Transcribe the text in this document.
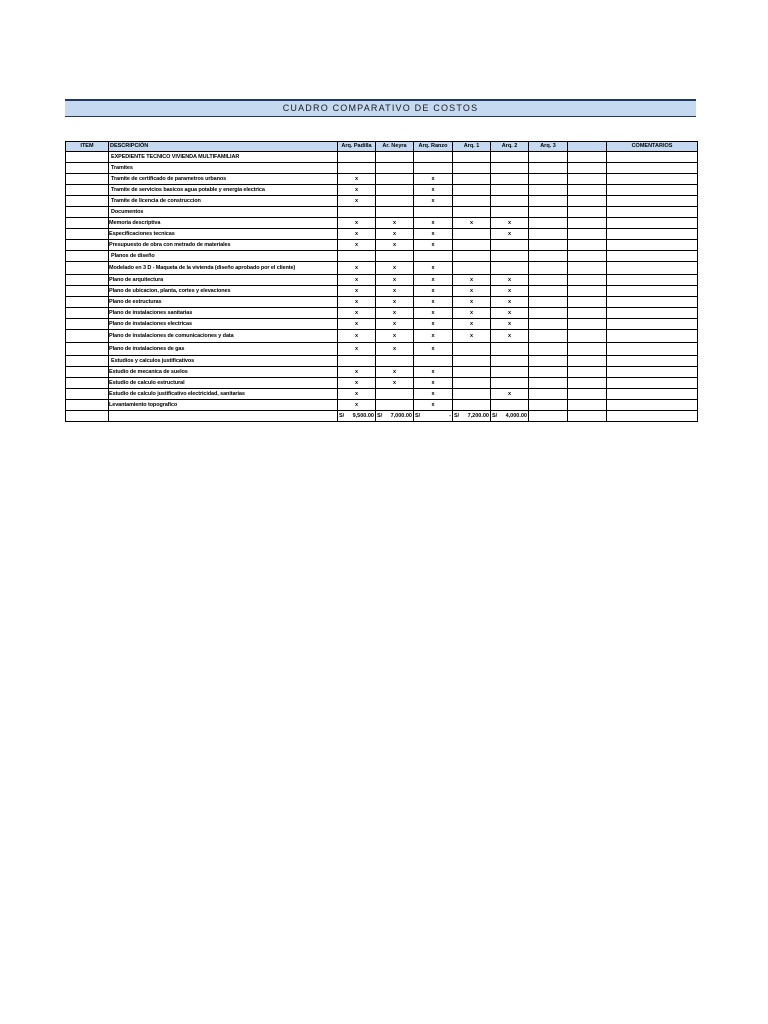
CUADRO COMPARATIVO DE COSTOS
ITEM	DESCRIPCIÓN	Arq. Padilla	Ar. Neyra	Arq. Ranzo	Arq. 1	Arq. 2	Arq. 3		COMENTARIOS
	EXPEDIENTE TECNICO VIVIENDA MULTIFAMILIAR								
	Tramites								
	Tramite de certificado de parametros urbanos	x		x					
	Tramite de servicios basicos agua potable y energia electrica	x		x					
	Tramite de licencia de construccion	x		x					
	Documentos								
	Memoria descriptiva	x	x	x	x	x			
	Especificaciones tecnicas	x	x	x		x			
	Presupuesto de obra con metrado de materiales	x	x	x					
	Planos de diseño								
	Modelado en 3 D - Maqueta de la vivienda (diseño aprobado por el cliente)	x	x	x					
	Plano de arquitectura	x	x	x	x	x			
	Plano de ubicacion, planta, cortes y elevaciones	x	x	x	x	x			
	Plano de estructuras	x	x	x	x	x			
	Plano de instalaciones sanitarias	x	x	x	x	x			
	Plano de instalaciones electricas	x	x	x	x	x			
	Plano de instalaciones de comunicaciones y data	x	x	x	x	x			
	Plano de instalaciones de gas	x	x	x					
	Estudios y calculos justificativos								
	Estudio de mecanica de suelos	x	x	x					
	Estudio de calculo estructural	x	x	x					
	Estudio de calculo justificativo electricidad, sanitarias	x		x		x			
	Levantamiento topografico	x		x					
		S/ 9,500.00	S/ 7,000.00	S/ -	S/ 7,200.00	S/ 4,000.00			
